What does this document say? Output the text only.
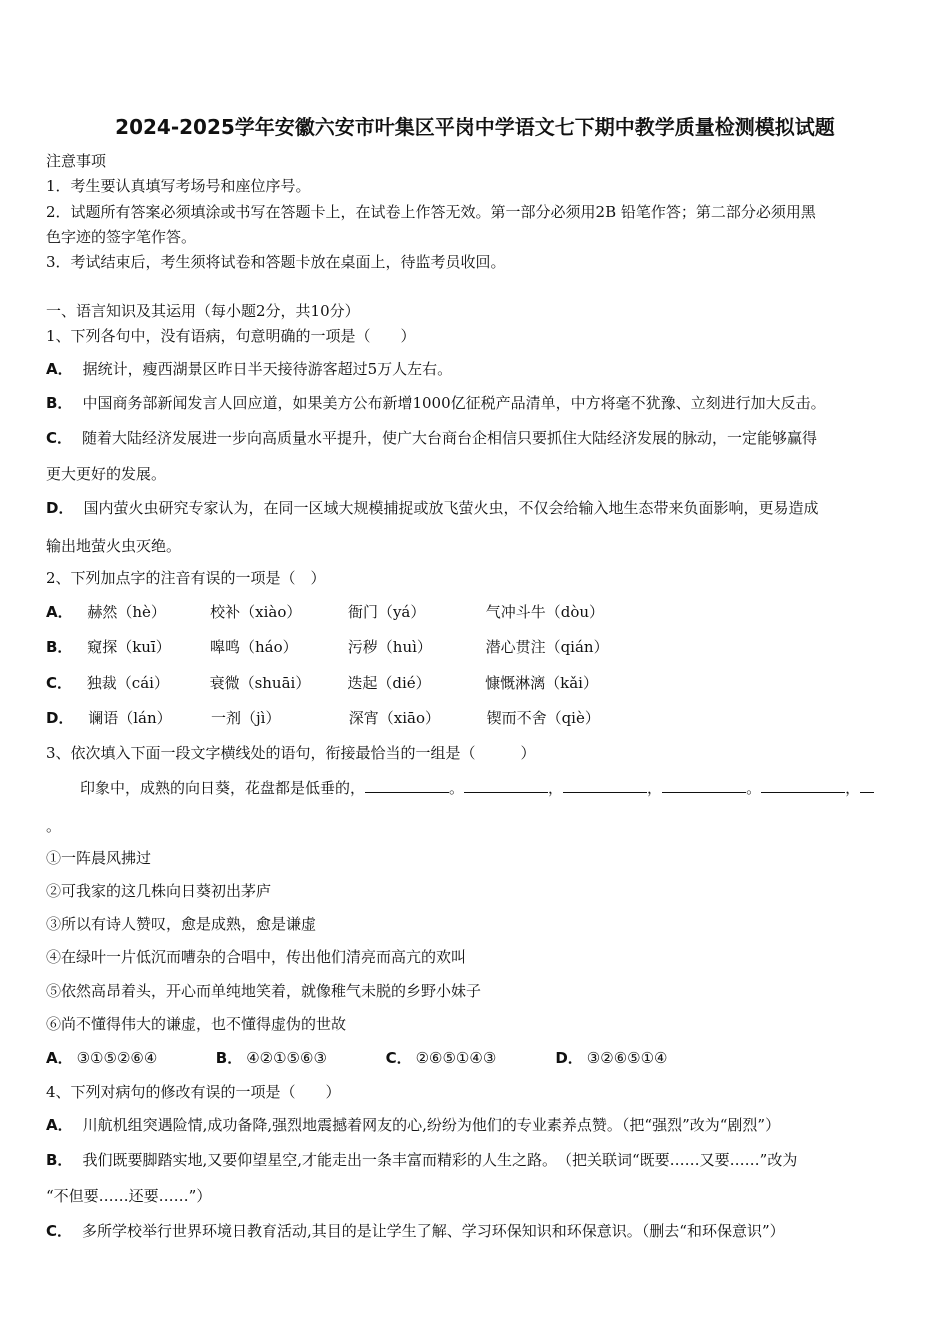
2024-2025学年安徽六安市叶集区平岗中学语文七下期中教学质量检测模拟试题
注意事项
1．考生要认真填写考场号和座位序号。
2．试题所有答案必须填涂或书写在答题卡上，在试卷上作答无效。第一部分必须用2B 铅笔作答；第二部分必须用黑
色字迹的签字笔作答。
3．考试结束后，考生须将试卷和答题卡放在桌面上，待监考员收回。
一、语言知识及其运用（每小题2分，共10分）
1、下列各句中，没有语病，句意明确的一项是（　　）
A． 据统计，瘦西湖景区昨日半天接待游客超过5万人左右。
B． 中国商务部新闻发言人回应道，如果美方公布新增1000亿征税产品清单，中方将毫不犹豫、立刻进行加大反击。
C． 随着大陆经济发展进一步向高质量水平提升，使广大台商台企相信只要抓住大陆经济发展的脉动，一定能够赢得
更大更好的发展。
D． 国内萤火虫研究专家认为，在同一区域大规模捕捉或放飞萤火虫，不仅会给输入地生态带来负面影响，更易造成
输出地萤火虫灭绝。
2、下列加点字的注音有误的一项是（　）
A． 赫然（hè）	校补（xiào）	衙门（yá）	气冲斗牛（dòu）
B． 窥探（kuī）	嗥鸣（háo）	污秽（huì）	潜心贯注（qián）
C． 独裁（cái）	衰微（shuāi） 迭起（dié）	慷慨淋漓（kǎi）
D． 谰语（lán）	一剂（jì）	深宵（xiāo）	锲而不舍（qiè）
3、依次填入下面一段文字横线处的语句，衔接最恰当的一组是（　　　）
印象中，成熟的向日葵，花盘都是低垂的，	。	，	，	。	，
。
①一阵晨风拂过
②可我家的这几株向日葵初出茅庐
③所以有诗人赞叹，愈是成熟，愈是谦虚
④在绿叶一片低沉而嘈杂的合唱中，传出他们清亮而高亢的欢叫
⑤依然高昂着头，开心而单纯地笑着，就像稚气未脱的乡野小妹子
⑥尚不懂得伟大的谦虚，也不懂得虚伪的世故
A． ③①⑤②⑥④	B． ④②①⑤⑥③	C． ②⑥⑤①④③	D． ③②⑥⑤①④
4、下列对病句的修改有误的一项是（　　）
A． 川航机组突遇险情,成功备降,强烈地震撼着网友的心,纷纷为他们的专业素养点赞。（把“强烈”改为“剧烈”）
B． 我们既要脚踏实地,又要仰望星空,才能走出一条丰富而精彩的人生之路。　（把关联词“既要……又要……”改为
“不但要……还要……”）
C． 多所学校举行世界环境日教育活动,其目的是让学生了解、学习环保知识和环保意识。（删去“和环保意识”）
